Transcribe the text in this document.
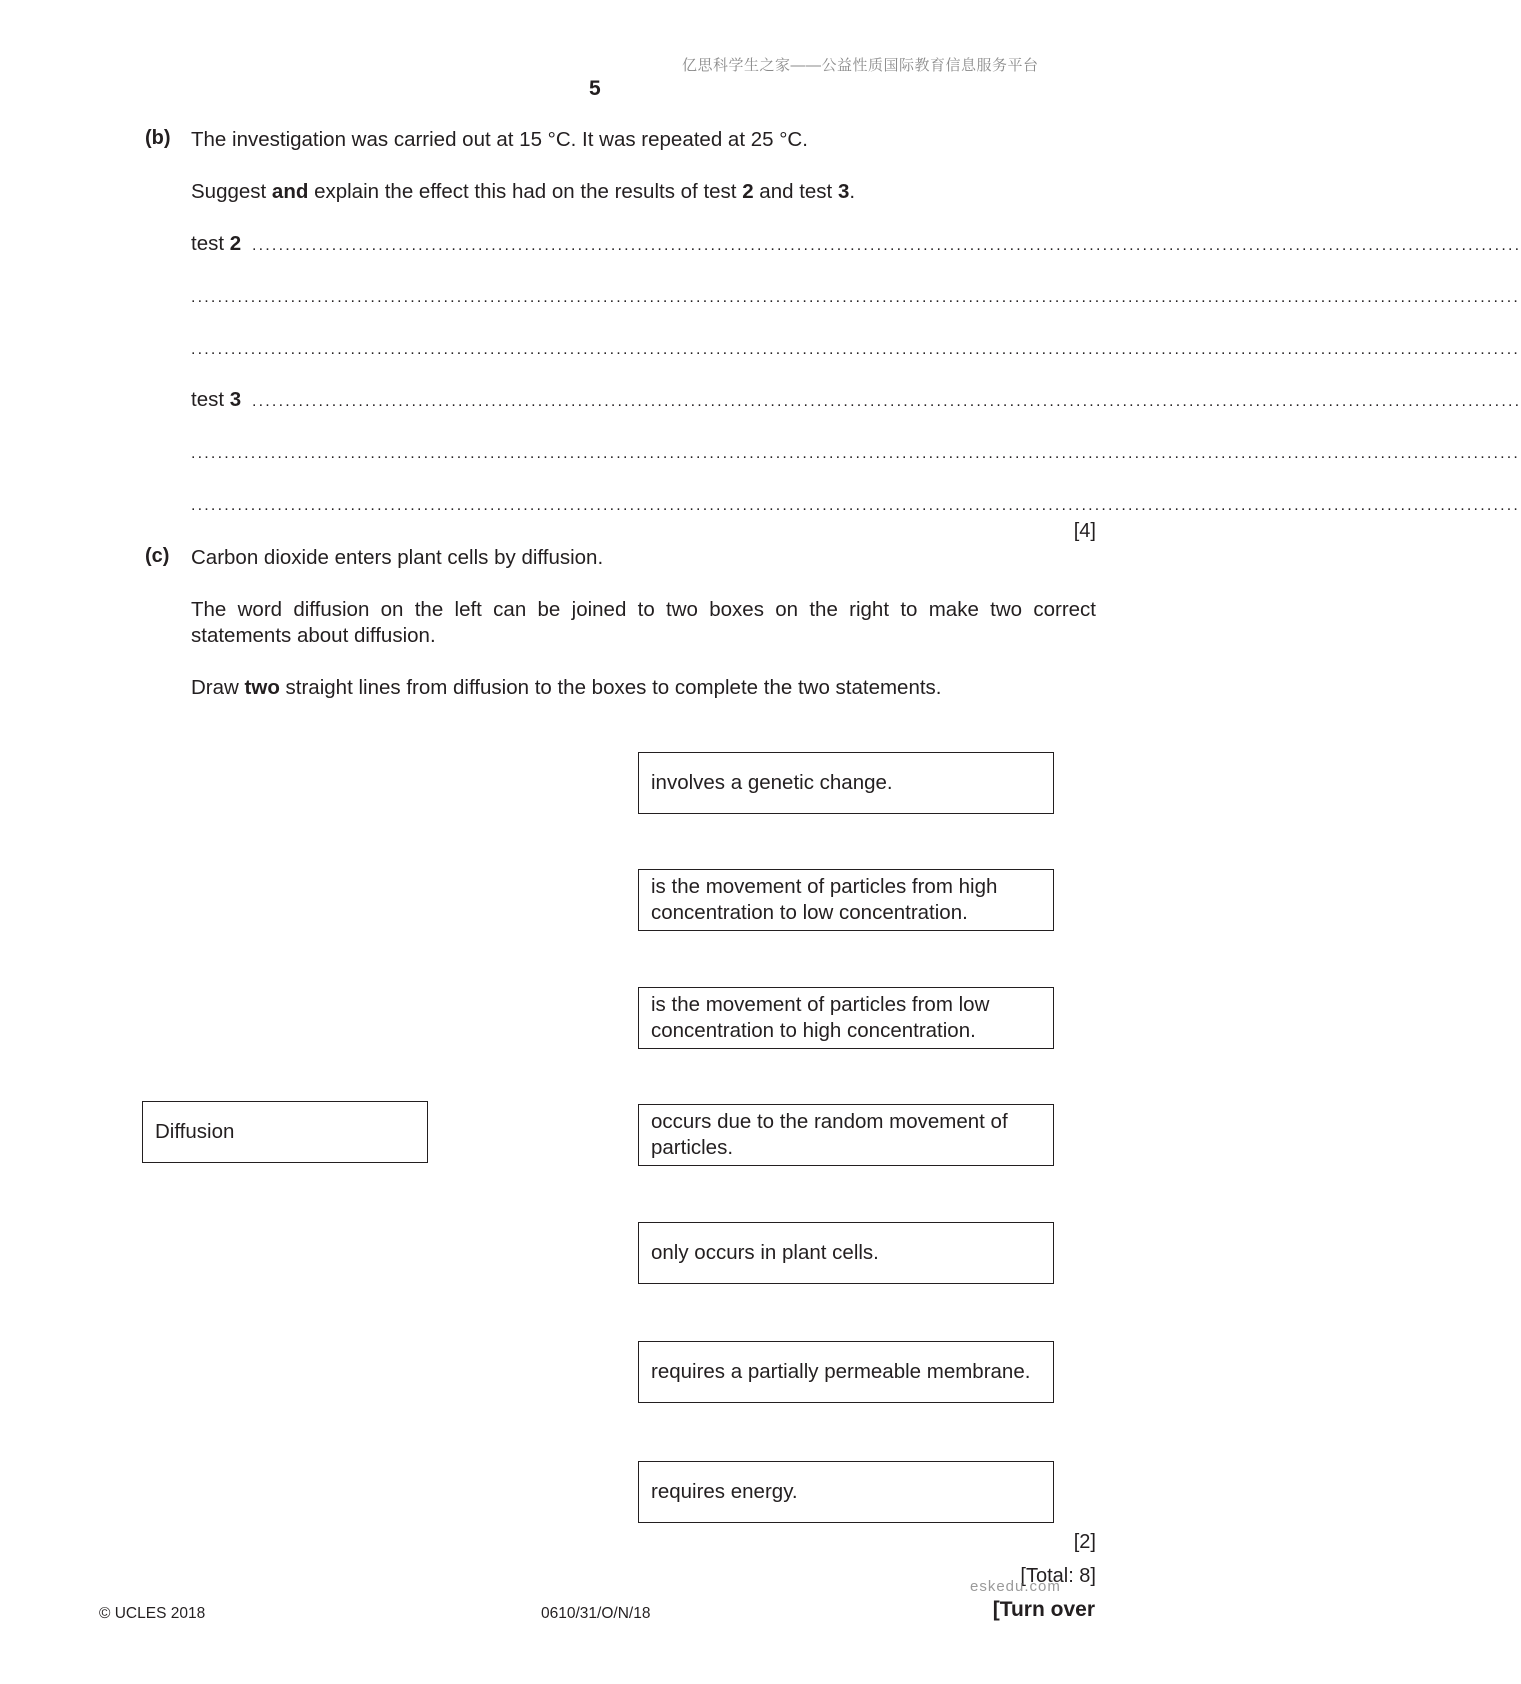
亿思科学生之家——公益性质国际教育信息服务平台
5
(b) The investigation was carried out at 15 °C. It was repeated at 25 °C.
Suggest and explain the effect this had on the results of test 2 and test 3.
test 2 ...............................................................................................................................................................................................
........................................................................................................................................................................................................
........................................................................................................................................................................................................
test 3 ...............................................................................................................................................................................................
........................................................................................................................................................................................................
........................................................................................................................................................................................................
[4]
(c) Carbon dioxide enters plant cells by diffusion.
The word diffusion on the left can be joined to two boxes on the right to make two correct statements about diffusion.
Draw two straight lines from diffusion to the boxes to complete the two statements.
Diffusion
involves a genetic change.
is the movement of particles from high concentration to low concentration.
is the movement of particles from low concentration to high concentration.
occurs due to the random movement of particles.
only occurs in plant cells.
requires a partially permeable membrane.
requires energy.
[2]
[Total: 8]
eskedu.com
© UCLES 2018	0610/31/O/N/18	[Turn over
